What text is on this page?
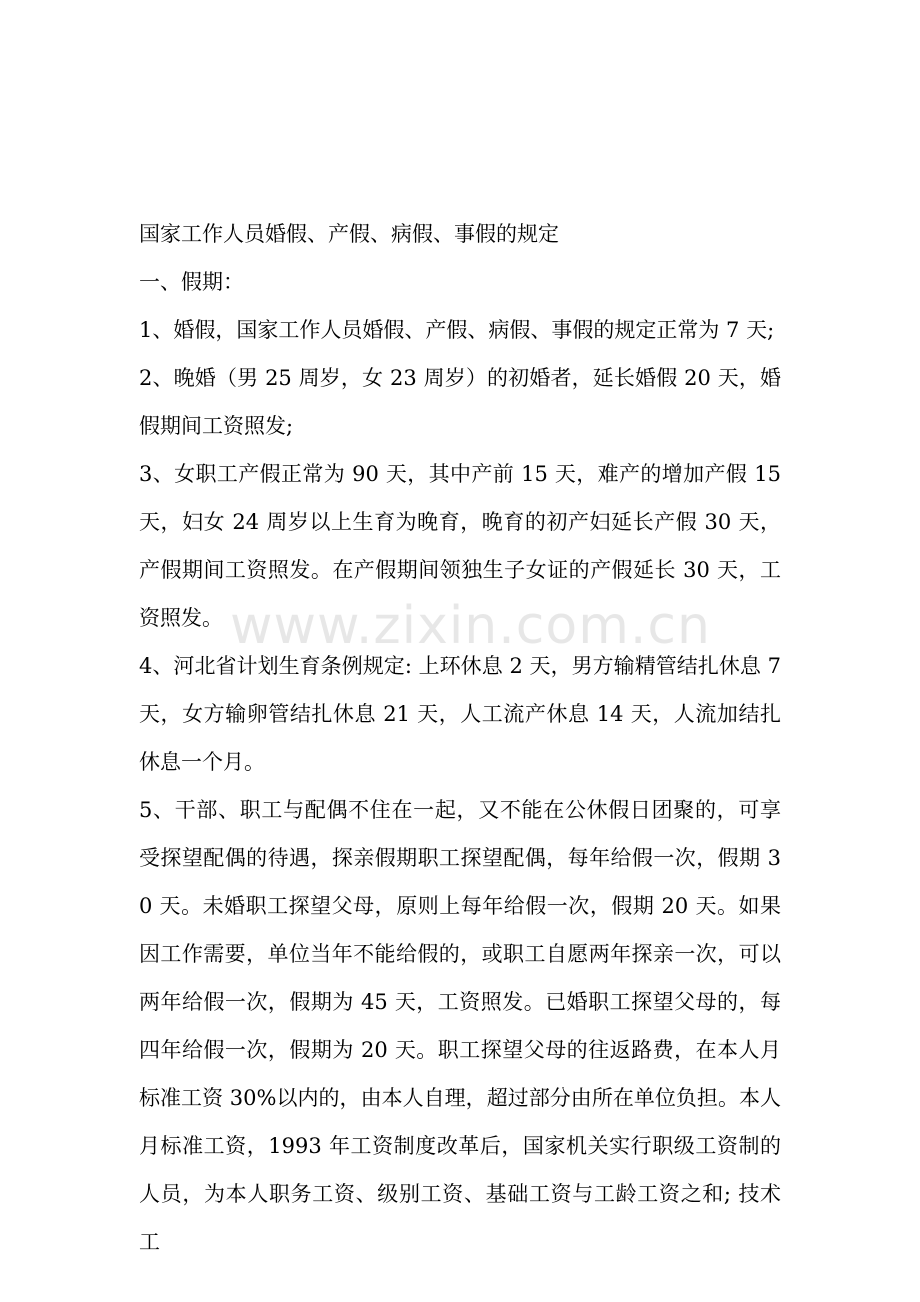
国家工作人员婚假、产假、病假、事假的规定

一、假期：

1、婚假，国家工作人员婚假、产假、病假、事假的规定正常为 7 天;

2、晚婚（男 25 周岁，女 23 周岁）的初婚者，延长婚假 20 天，婚假期间工资照发;

3、女职工产假正常为 90 天，其中产前 15 天，难产的增加产假 15 天，妇女 24 周岁以上生育为晚育，晚育的初产妇延长产假 30 天，产假期间工资照发。在产假期间领独生子女证的产假延长 30 天，工资照发。

4、河北省计划生育条例规定: 上环休息 2 天，男方输精管结扎休息 7 天，女方输卵管结扎休息 21 天，人工流产休息 14 天，人流加结扎休息一个月。

5、干部、职工与配偶不住在一起，又不能在公休假日团聚的，可享受探望配偶的待遇，探亲假期职工探望配偶，每年给假一次，假期 30 天。未婚职工探望父母，原则上每年给假一次，假期 20 天。如果因工作需要，单位当年不能给假的，或职工自愿两年探亲一次，可以两年给假一次，假期为 45 天，工资照发。已婚职工探望父母的，每四年给假一次，假期为 20 天。职工探望父母的往返路费，在本人月标准工资 30%以内的，由本人自理，超过部分由所在单位负担。本人月标准工资，1993 年工资制度改革后，国家机关实行职级工资制的人员，为本人职务工资、级别工资、基础工资与工龄工资之和; 技术工

www.zixin.com.cn
